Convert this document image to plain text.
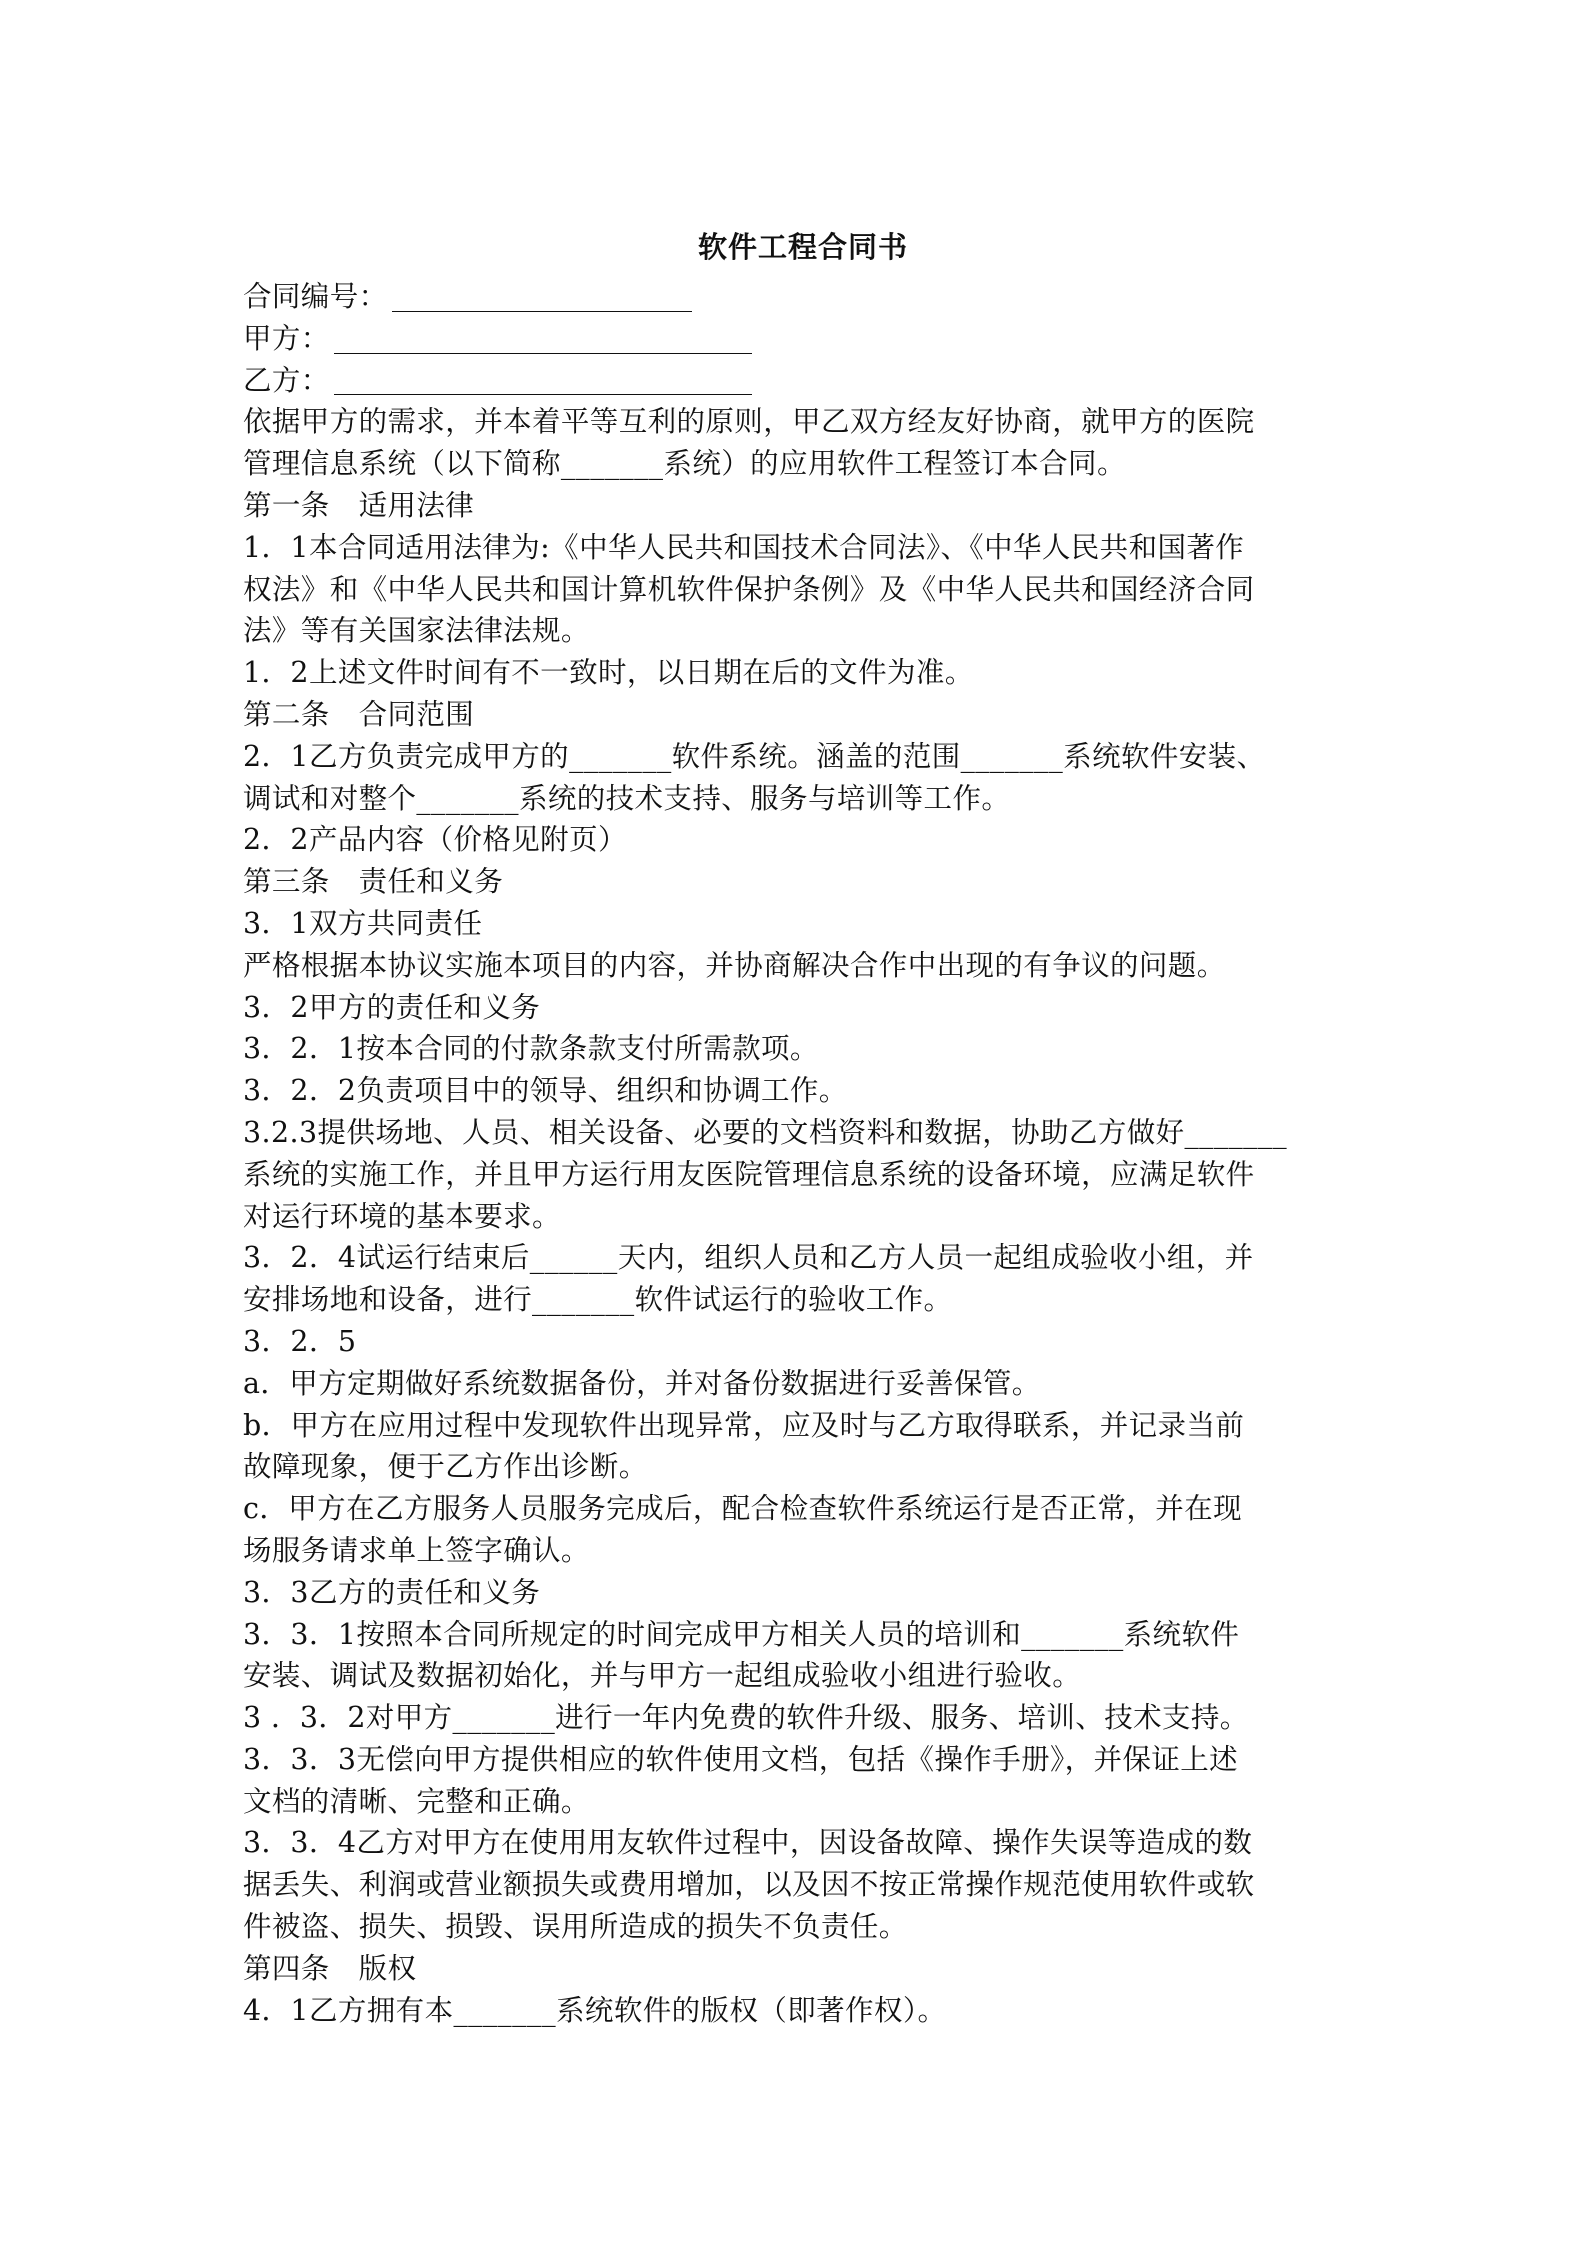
软件工程合同书
合同编号：
甲方：
乙方：
依据甲方的需求，并本着平等互利的原则，甲乙双方经友好协商，就甲方的医院
管理信息系统（以下简称_______系统）的应用软件工程签订本合同。
第一条　适用法律
1．1本合同适用法律为:《中华人民共和国技术合同法》、《中华人民共和国著作
权法》和《中华人民共和国计算机软件保护条例》及《中华人民共和国经济合同
法》等有关国家法律法规。
1．2上述文件时间有不一致时，以日期在后的文件为准。
第二条　合同范围
2．1乙方负责完成甲方的_______软件系统。涵盖的范围_______系统软件安装、
调试和对整个_______系统的技术支持、服务与培训等工作。
2．2产品内容（价格见附页）
第三条　责任和义务
3．1双方共同责任
严格根据本协议实施本项目的内容，并协商解决合作中出现的有争议的问题。
3．2甲方的责任和义务
3．2．1按本合同的付款条款支付所需款项。
3．2．2负责项目中的领导、组织和协调工作。
3.2.3提供场地、人员、相关设备、必要的文档资料和数据，协助乙方做好_______
系统的实施工作，并且甲方运行用友医院管理信息系统的设备环境，应满足软件
对运行环境的基本要求。
3．2．4试运行结束后______天内，组织人员和乙方人员一起组成验收小组，并
安排场地和设备，进行_______软件试运行的验收工作。
3．2．5
a．甲方定期做好系统数据备份，并对备份数据进行妥善保管。
b．甲方在应用过程中发现软件出现异常，应及时与乙方取得联系，并记录当前
故障现象，便于乙方作出诊断。
c．甲方在乙方服务人员服务完成后，配合检查软件系统运行是否正常，并在现
场服务请求单上签字确认。
3．3乙方的责任和义务
3．3．1按照本合同所规定的时间完成甲方相关人员的培训和_______系统软件
安装、调试及数据初始化，并与甲方一起组成验收小组进行验收。
3 ．3．2对甲方_______进行一年内免费的软件升级、服务、培训、技术支持。
3．3．3无偿向甲方提供相应的软件使用文档，包括《操作手册》，并保证上述
文档的清晰、完整和正确。
3．3．4乙方对甲方在使用用友软件过程中，因设备故障、操作失误等造成的数
据丢失、利润或营业额损失或费用增加，以及因不按正常操作规范使用软件或软
件被盗、损失、损毁、误用所造成的损失不负责任。
第四条　版权
4．1乙方拥有本_______系统软件的版权（即著作权）。
